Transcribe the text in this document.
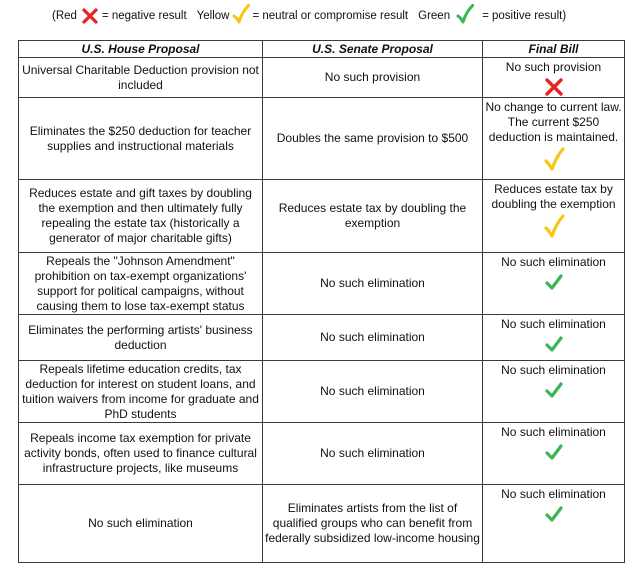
(Red = negative result Yellow = neutral or compromise result Green	= positive result)
U.S. House Proposal	U.S. Senate Proposal	Final Bill
Universal Charitable Deduction provision not included	No such provision	No such provision

Eliminates the $250 deduction for teacher supplies and instructional materials	Doubles the same provision to $500	No change to current law. The current $250 deduction is maintained.

Reduces estate and gift taxes by doubling the exemption and then ultimately fully repealing the estate tax (historically a generator of major charitable gifts)	Reduces estate tax by doubling the exemption	Reduces estate tax by doubling the exemption

Repeals the "Johnson Amendment" prohibition on tax-exempt organizations' support for political campaigns, without causing them to lose tax-exempt status	No such elimination	No such elimination

Eliminates the performing artists' business deduction	No such elimination	No such elimination

Repeals lifetime education credits, tax deduction for interest on student loans, and tuition waivers from income for graduate and PhD students	No such elimination	No such elimination

Repeals income tax exemption for private activity bonds, often used to finance cultural infrastructure projects, like museums	No such elimination	No such elimination

No such elimination	Eliminates artists from the list of qualified groups who can benefit from federally subsidized low-income housing	No such elimination
